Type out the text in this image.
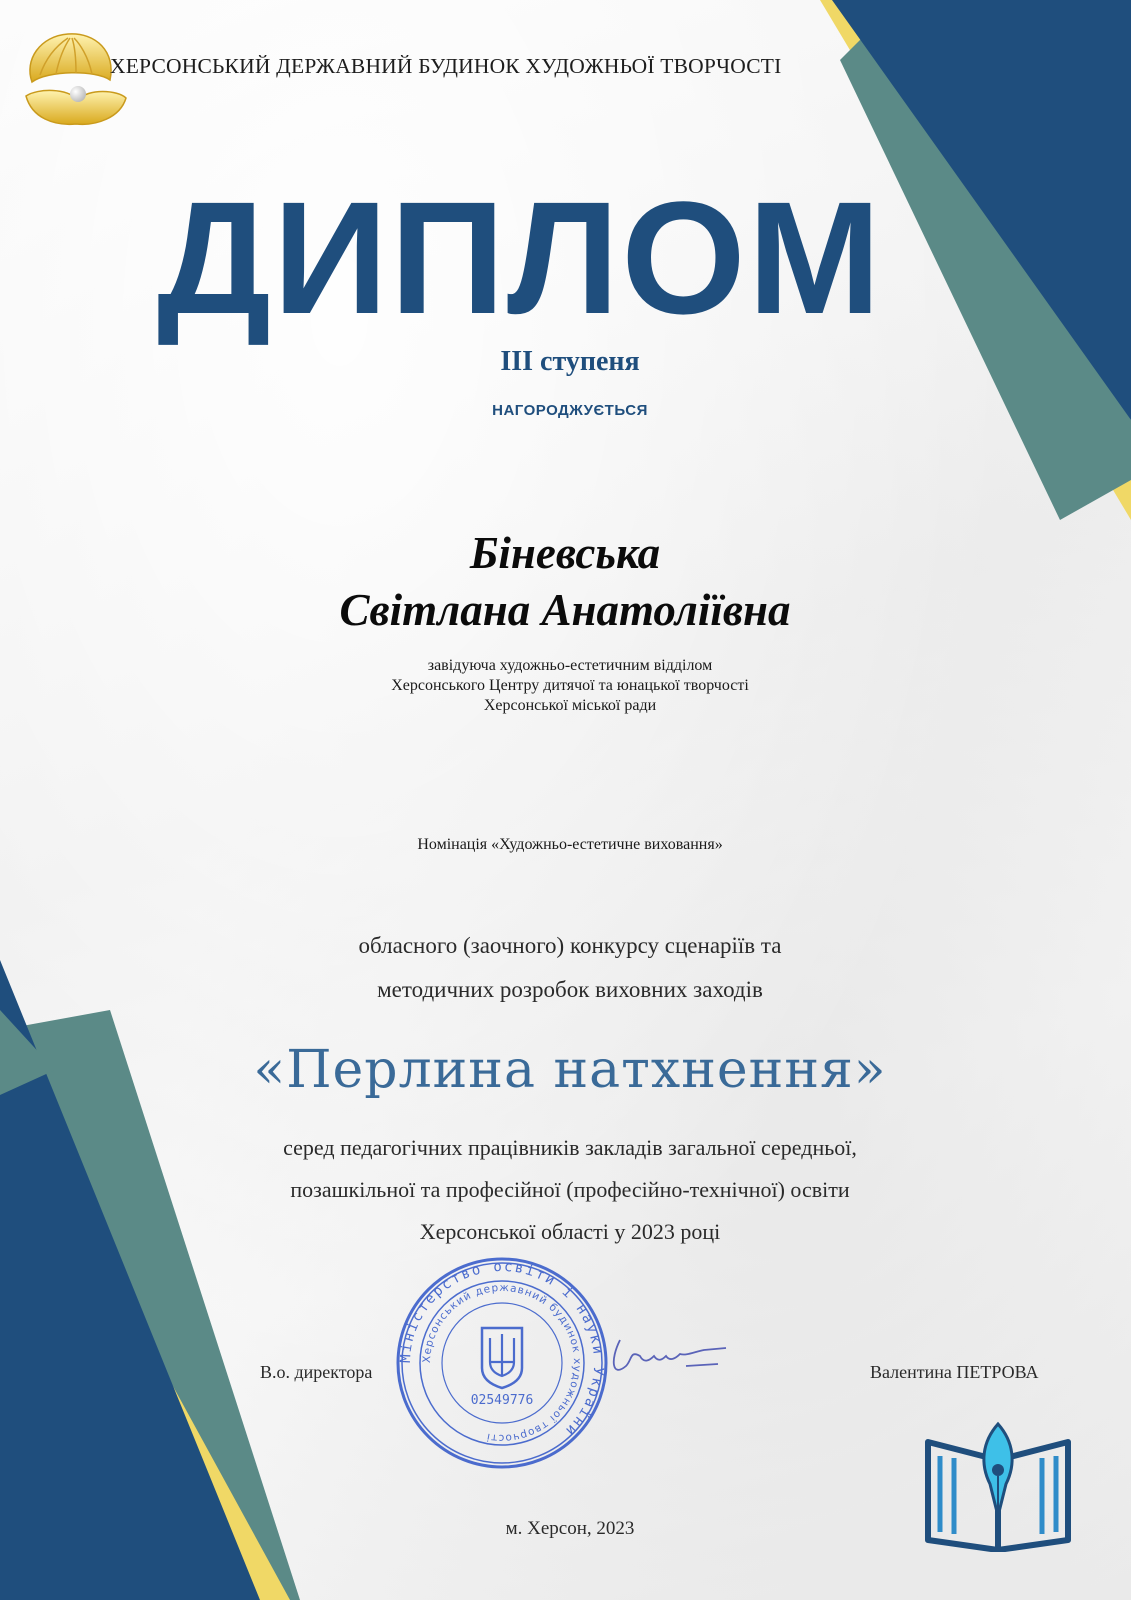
ХЕРСОНСЬКИЙ ДЕРЖАВНИЙ БУДИНОК ХУДОЖНЬОЇ ТВОРЧОСТІ
ДИПЛОМ
ІІІ ступеня
НАГОРОДЖУЄТЬСЯ
Біневська
Світлана Анатоліївна
завідуюча художньо-естетичним відділом
Херсонського Центру дитячої та юнацької творчості
Херсонської міської ради
Номінація «Художньо-естетичне виховання»
обласного (заочного) конкурсу сценаріїв та
методичних розробок виховних заходів
«Перлина натхнення»
серед педагогічних працівників закладів загальної середньої,
позашкільної та професійної (професійно-технічної) освіти
Херсонської області у 2023 році
Міністерство освіти і науки України
Херсонський державний будинок художньої творчості
02549776
В.о. директора	Валентина ПЕТРОВА
м. Херсон, 2023
